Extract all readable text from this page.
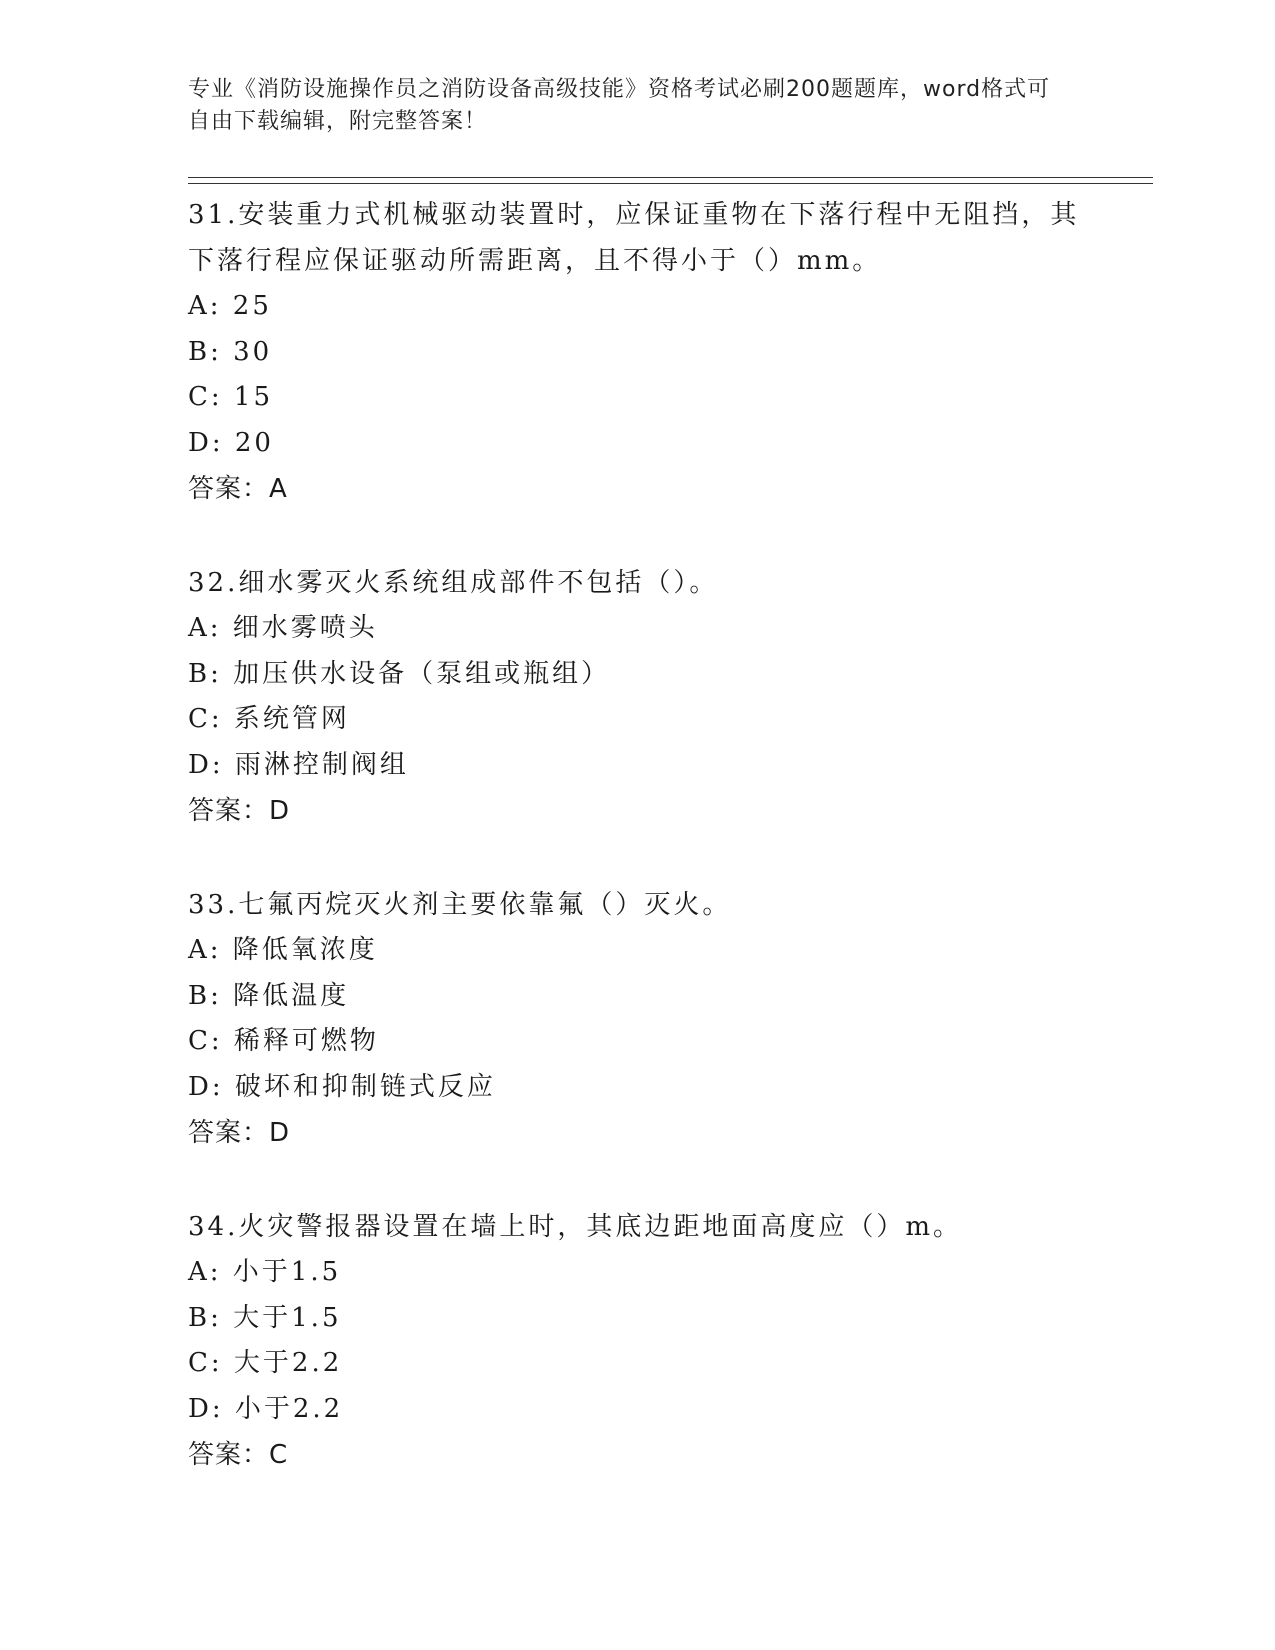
专业《消防设施操作员之消防设备高级技能》资格考试必刷200题题库，word格式可自由下载编辑，附完整答案！

31.安装重力式机械驱动装置时，应保证重物在下落行程中无阻挡，其下落行程应保证驱动所需距离，且不得小于（）mm。

A: 25

B: 30

C: 15

D: 20

答案：A

32.细水雾灭火系统组成部件不包括（）。

A: 细水雾喷头

B: 加压供水设备（泵组或瓶组）

C: 系统管网

D: 雨淋控制阀组

答案：D

33.七氟丙烷灭火剂主要依靠氟（）灭火。

A: 降低氧浓度

B: 降低温度

C: 稀释可燃物

D: 破坏和抑制链式反应

答案：D

34.火灾警报器设置在墙上时，其底边距地面高度应（）m。

A: 小于1.5

B: 大于1.5

C: 大于2.2

D: 小于2.2

答案：C
